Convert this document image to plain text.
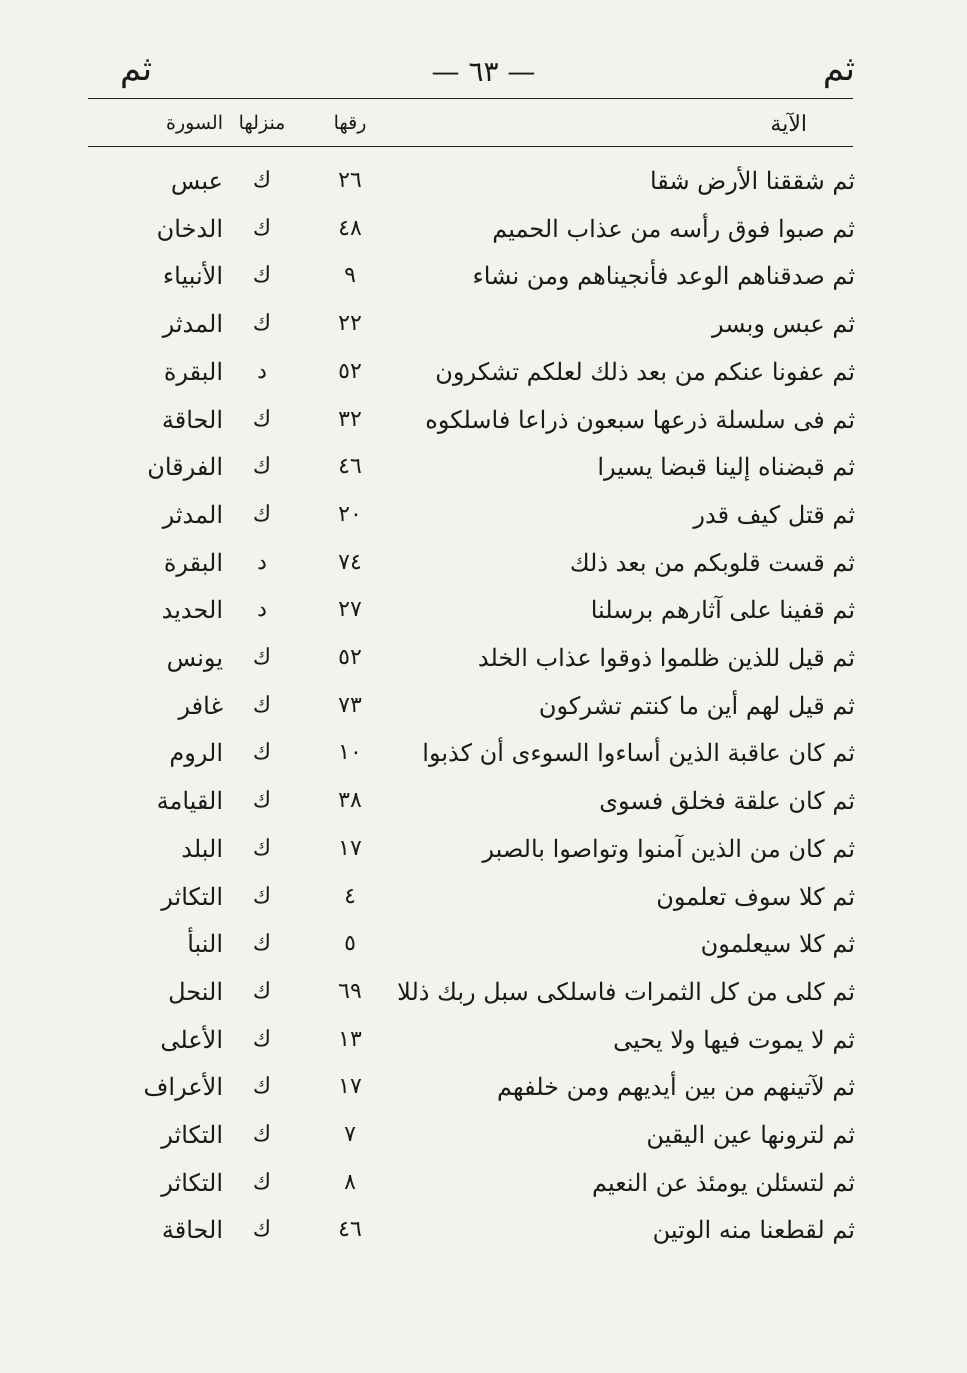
ثم
— ٦٣ —
ثم
الآية
رقها
منزلها
السورة
ثم شققنا الأرض شقا
٢٦
ك
عبس
ثم صبوا فوق رأسه من عذاب الحميم
٤٨
ك
الدخان
ثم صدقناهم الوعد فأنجيناهم ومن نشاء
٩
ك
الأنبياء
ثم عبس وبسر
٢٢
ك
المدثر
ثم عفونا عنكم من بعد ذلك لعلكم تشكرون
٥٢
د
البقرة
ثم فى سلسلة ذرعها سبعون ذراعا فاسلكوه
٣٢
ك
الحاقة
ثم قبضناه إلينا قبضا يسيرا
٤٦
ك
الفرقان
ثم قتل كيف قدر
٢٠
ك
المدثر
ثم قست قلوبكم من بعد ذلك
٧٤
د
البقرة
ثم قفينا على آثارهم برسلنا
٢٧
د
الحديد
ثم قيل للذين ظلموا ذوقوا عذاب الخلد
٥٢
ك
يونس
ثم قيل لهم أين ما كنتم تشركون
٧٣
ك
غافر
ثم كان عاقبة الذين أساءوا السوءى أن كذبوا
١٠
ك
الروم
ثم كان علقة فخلق فسوى
٣٨
ك
القيامة
ثم كان من الذين آمنوا وتواصوا بالصبر
١٧
ك
البلد
ثم كلا سوف تعلمون
٤
ك
التكاثر
ثم كلا سيعلمون
٥
ك
النبأ
ثم كلى من كل الثمرات فاسلكى سبل ربك ذللا
٦٩
ك
النحل
ثم لا يموت فيها ولا يحيى
١٣
ك
الأعلى
ثم لآتينهم من بين أيديهم ومن خلفهم
١٧
ك
الأعراف
ثم لترونها عين اليقين
٧
ك
التكاثر
ثم لتسئلن يومئذ عن النعيم
٨
ك
التكاثر
ثم لقطعنا منه الوتين
٤٦
ك
الحاقة
